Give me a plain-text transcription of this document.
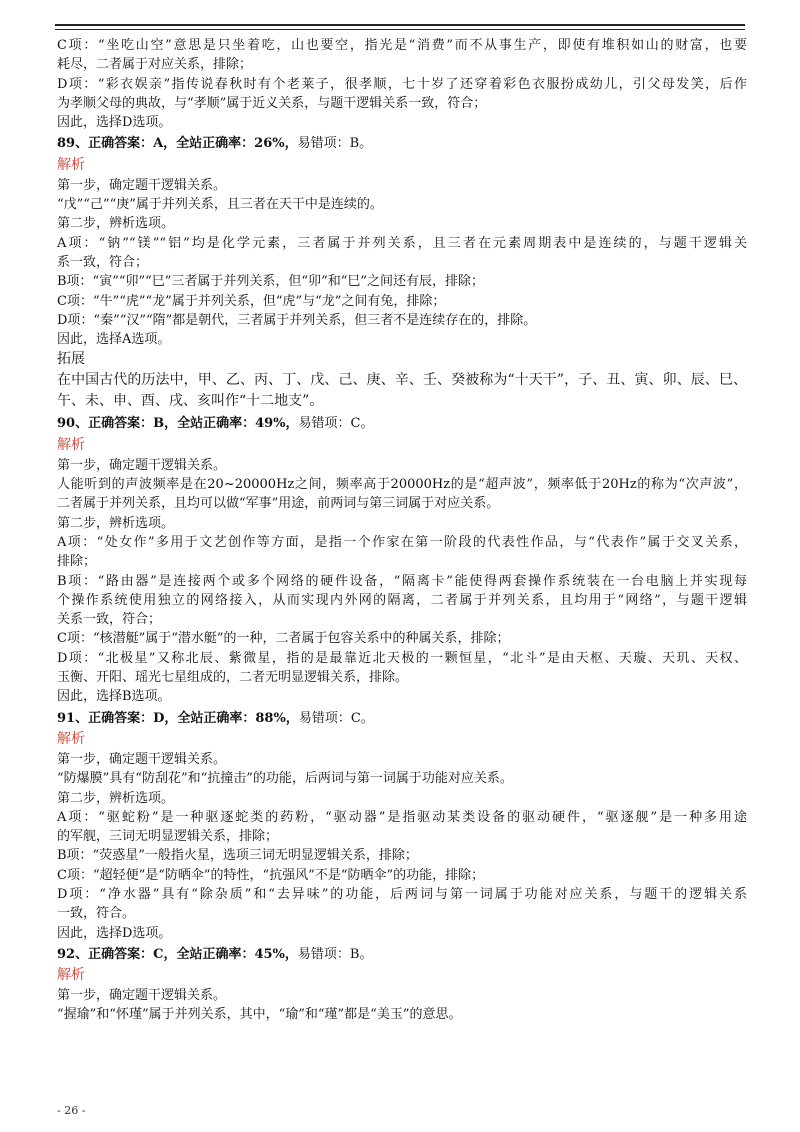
C项：“坐吃山空”意思是只坐着吃，山也要空，指光是“消费”而不从事生产，即使有堆积如山的财富，也要
耗尽，二者属于对应关系，排除；
D项：“彩衣娱亲”指传说春秋时有个老莱子，很孝顺，七十岁了还穿着彩色衣服扮成幼儿，引父母发笑，后作
为孝顺父母的典故，与“孝顺”属于近义关系，与题干逻辑关系一致，符合；
因此，选择D选项。
89、正确答案：A，全站正确率：26%，易错项：B。
解析
第一步，确定题干逻辑关系。
“戊”“己”“庚”属于并列关系，且三者在天干中是连续的。
第二步，辨析选项。
A项：“钠”“镁”“铝”均是化学元素，三者属于并列关系，且三者在元素周期表中是连续的，与题干逻辑关
系一致，符合；
B项：“寅”“卯”“巳”三者属于并列关系，但“卯”和“巳”之间还有辰，排除；
C项：“牛”“虎”“龙”属于并列关系，但“虎”与“龙”之间有兔，排除；
D项：“秦”“汉”“隋”都是朝代，三者属于并列关系，但三者不是连续存在的，排除。
因此，选择A选项。
拓展
在中国古代的历法中，甲、乙、丙、丁、戊、己、庚、辛、壬、癸被称为“十天干”，子、丑、寅、卯、辰、巳、
午、未、申、酉、戌、亥叫作“十二地支”。
90、正确答案：B，全站正确率：49%，易错项：C。
解析
第一步，确定题干逻辑关系。
人能听到的声波频率是在20~20000Hz之间，频率高于20000Hz的是“超声波”，频率低于20Hz的称为“次声波”，
二者属于并列关系，且均可以做“军事”用途，前两词与第三词属于对应关系。
第二步，辨析选项。
A项：“处女作”多用于文艺创作等方面，是指一个作家在第一阶段的代表性作品，与“代表作”属于交叉关系，
排除；
B项：“路由器”是连接两个或多个网络的硬件设备，“隔离卡”能使得两套操作系统装在一台电脑上并实现每
个操作系统使用独立的网络接入，从而实现内外网的隔离，二者属于并列关系，且均用于“网络”，与题干逻辑
关系一致，符合；
C项：“核潜艇”属于“潜水艇”的一种，二者属于包容关系中的种属关系，排除；
D项：“北极星”又称北辰、紫微星，指的是最靠近北天极的一颗恒星，“北斗”是由天枢、天璇、天玑、天权、
玉衡、开阳、瑶光七星组成的，二者无明显逻辑关系，排除。
因此，选择B选项。
91、正确答案：D，全站正确率：88%，易错项：C。
解析
第一步，确定题干逻辑关系。
“防爆膜”具有“防刮花”和“抗撞击”的功能，后两词与第一词属于功能对应关系。
第二步，辨析选项。
A项：“驱蛇粉”是一种驱逐蛇类的药粉，“驱动器”是指驱动某类设备的驱动硬件，“驱逐舰”是一种多用途
的军舰，三词无明显逻辑关系，排除；
B项：“荧惑星”一般指火星，选项三词无明显逻辑关系，排除；
C项：“超轻便”是“防晒伞”的特性，“抗强风”不是“防晒伞”的功能，排除；
D项：“净水器”具有“除杂质”和“去异味”的功能，后两词与第一词属于功能对应关系，与题干的逻辑关系
一致，符合。
因此，选择D选项。
92、正确答案：C，全站正确率：45%，易错项：B。
解析
第一步，确定题干逻辑关系。
“握瑜”和“怀瑾”属于并列关系，其中，“瑜”和“瑾”都是“美玉”的意思。
- 26 -
